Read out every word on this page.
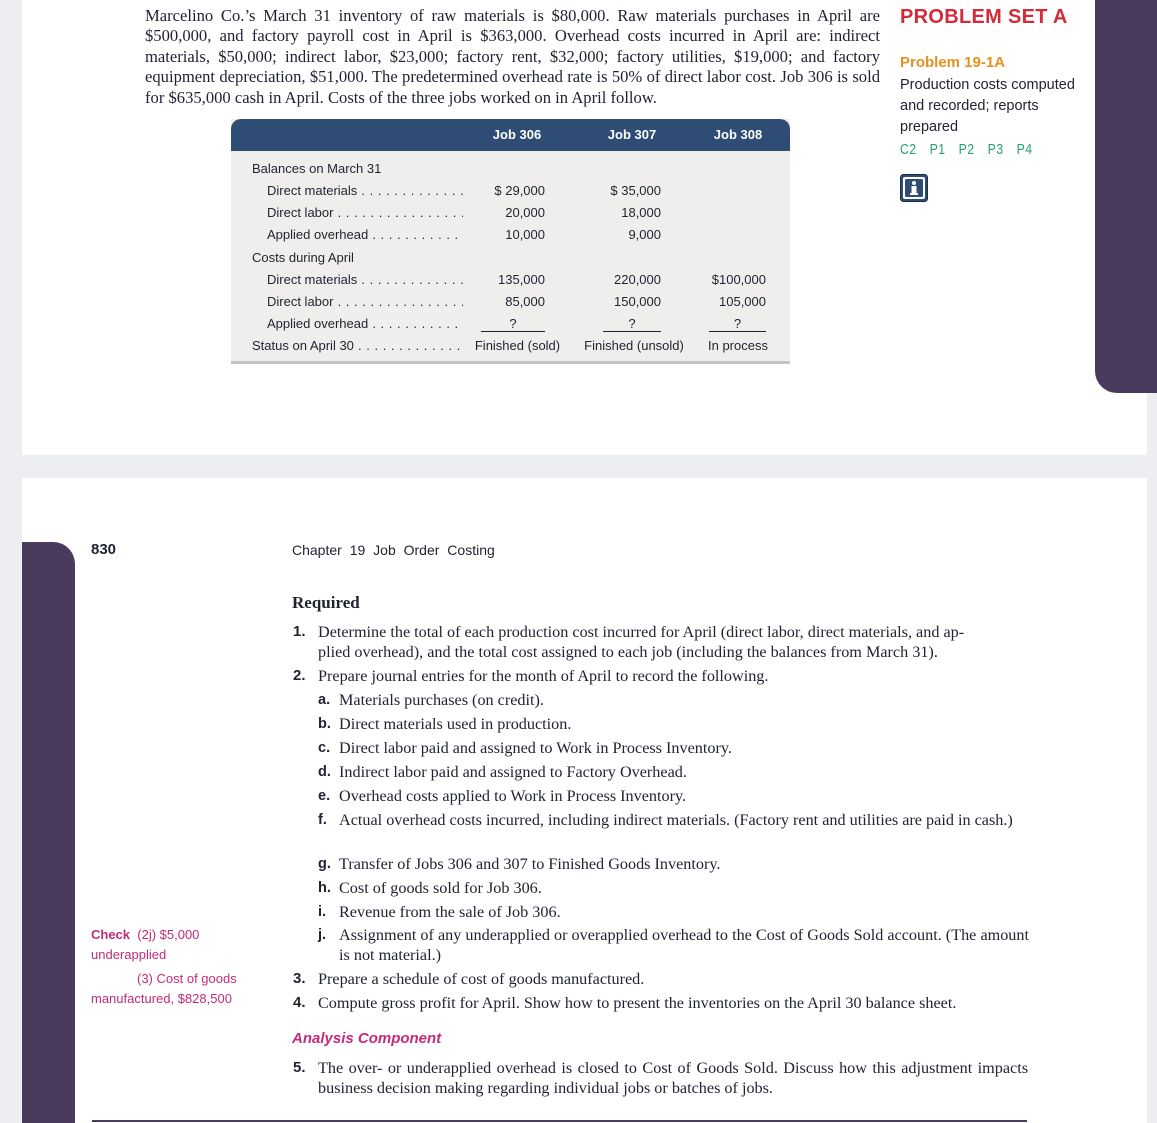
Marcelino Co.’s March 31 inventory of raw materials is $80,000. Raw materials purchases in April are $500,000, and factory payroll cost in April is $363,000. Overhead costs incurred in April are: indirect materials, $50,000; indirect labor, $23,000; factory rent, $32,000; factory utilities, $19,000; and factory equipment depreciation, $51,000. The predetermined overhead rate is 50% of direct labor cost. Job 306 is sold for $635,000 cash in April. Costs of the three jobs worked on in April follow.
PROBLEM SET A
Problem 19-1A
Production costs computed and recorded; reports prepared
C2 P1 P2 P3 P4
Job 306	Job 307	Job 308
Balances on March 31
Direct materials . . .	$ 29,000	$ 35,000
Direct labor . . .	20,000	18,000
Applied overhead . . .	10,000	9,000
Costs during April
Direct materials . . .	135,000	220,000	$100,000
Direct labor . . .	85,000	150,000	105,000
Applied overhead . . .	?	?	?
Status on April 30 . . .	Finished (sold)	Finished (unsold)	In process
830	Chapter 19 Job Order Costing
Required
1. Determine the total of each production cost incurred for April (direct labor, direct materials, and ap-
plied overhead), and the total cost assigned to each job (including the balances from March 31).
2. Prepare journal entries for the month of April to record the following.
a. Materials purchases (on credit).
b. Direct materials used in production.
c. Direct labor paid and assigned to Work in Process Inventory.
d. Indirect labor paid and assigned to Factory Overhead.
e. Overhead costs applied to Work in Process Inventory.
f. Actual overhead costs incurred, including indirect materials. (Factory rent and utilities are paid in cash.)
g. Transfer of Jobs 306 and 307 to Finished Goods Inventory.
h. Cost of goods sold for Job 306.
i. Revenue from the sale of Job 306.
j. Assignment of any underapplied or overapplied overhead to the Cost of Goods Sold account. (The amount is not material.)
3. Prepare a schedule of cost of goods manufactured.
4. Compute gross profit for April. Show how to present the inventories on the April 30 balance sheet.
Check (2j) $5,000 underapplied
(3) Cost of goods
manufactured, $828,500
Analysis Component
5. The over- or underapplied overhead is closed to Cost of Goods Sold. Discuss how this adjustment impacts business decision making regarding individual jobs or batches of jobs.
